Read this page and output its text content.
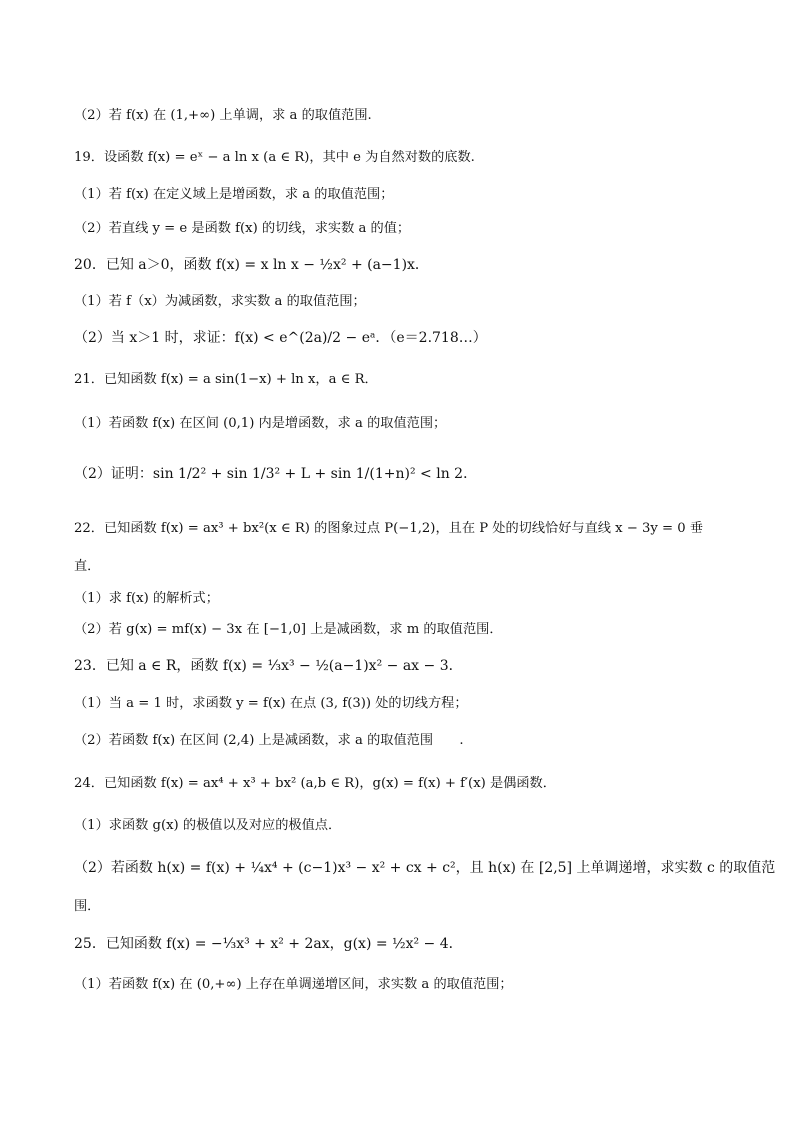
（2）若 f(x) 在 (1,+∞) 上单调，求 a 的取值范围.
19．设函数 f(x) = eˣ − a ln x (a ∈ R)，其中 e 为自然对数的底数.
（1）若 f(x) 在定义域上是增函数，求 a 的取值范围；
（2）若直线 y = e 是函数 f(x) 的切线，求实数 a 的值；
20．已知 a＞0，函数 f(x) = x ln x − ½x² + (a−1)x．
（1）若 f（x）为减函数，求实数 a 的取值范围；
（2）当 x＞1 时，求证：f(x) < e^(2a)/2 − eᵃ．（e＝2.718…）
21．已知函数 f(x) = a sin(1−x) + ln x，a ∈ R．
（1）若函数 f(x) 在区间 (0,1) 内是增函数，求 a 的取值范围；
（2）证明：sin 1/2² + sin 1/3² + L + sin 1/(1+n)² < ln 2．
22．已知函数 f(x) = ax³ + bx²(x ∈ R) 的图象过点 P(−1,2)，且在 P 处的切线恰好与直线 x − 3y = 0 垂
直．
（1）求 f(x) 的解析式；
（2）若 g(x) = mf(x) − 3x 在 [−1,0] 上是减函数，求 m 的取值范围．
23．已知 a ∈ R，函数 f(x) = ⅓x³ − ½(a−1)x² − ax − 3．
（1）当 a = 1 时，求函数 y = f(x) 在点 (3, f(3)) 处的切线方程；
（2）若函数 f(x) 在区间 (2,4) 上是减函数，求 a 的取值范围　　.
24．已知函数 f(x) = ax⁴ + x³ + bx² (a,b ∈ R)，g(x) = f(x) + f′(x) 是偶函数．
（1）求函数 g(x) 的极值以及对应的极值点．
（2）若函数 h(x) = f(x) + ¼x⁴ + (c−1)x³ − x² + cx + c²，且 h(x) 在 [2,5] 上单调递增，求实数 c 的取值范
围．
25．已知函数 f(x) = −⅓x³ + x² + 2ax，g(x) = ½x² − 4．
（1）若函数 f(x) 在 (0,+∞) 上存在单调递增区间，求实数 a 的取值范围；
